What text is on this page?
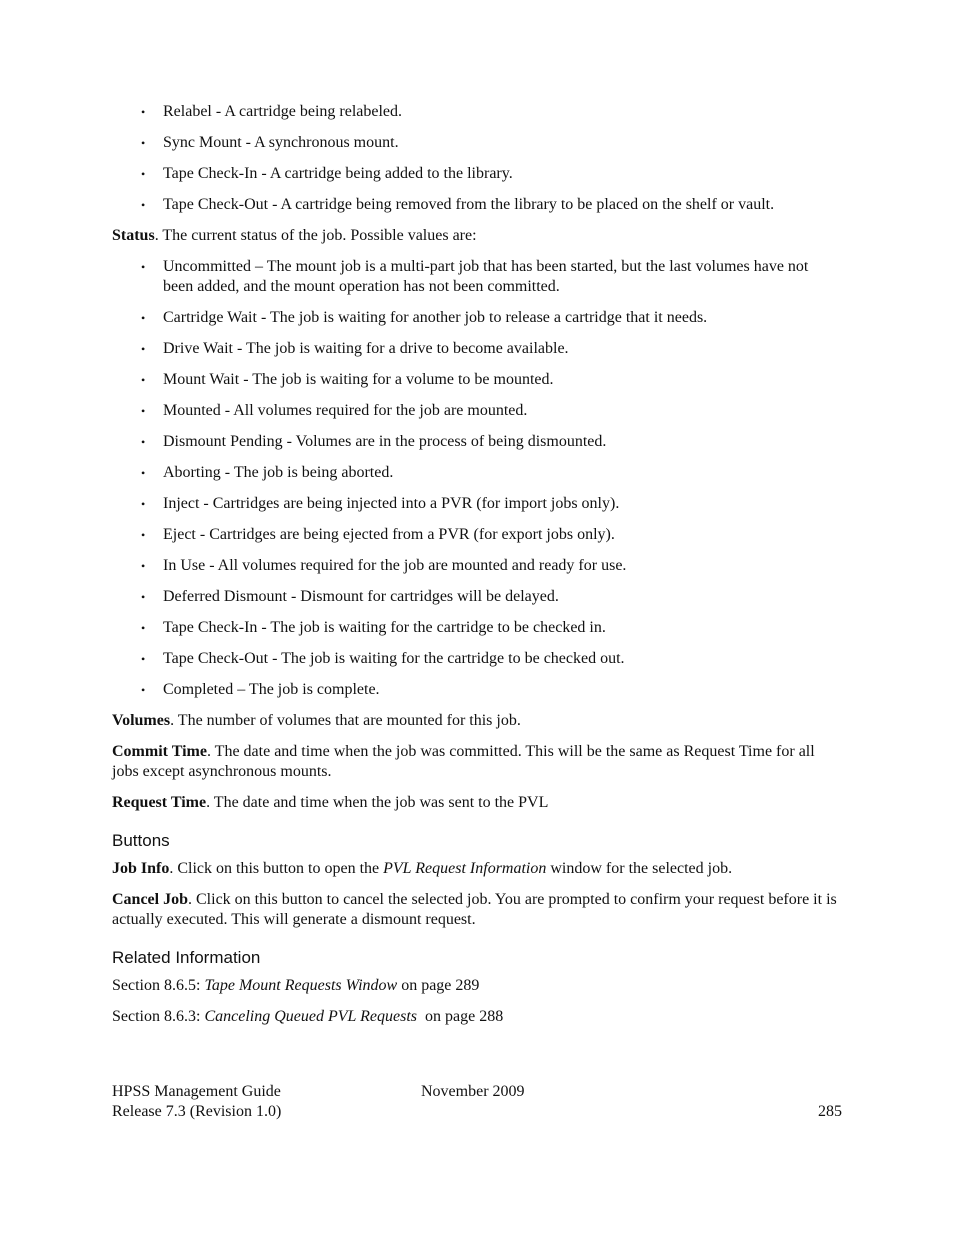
• Relabel - A cartridge being relabeled.
• Sync Mount - A synchronous mount.
• Tape Check-In - A cartridge being added to the library.
• Tape Check-Out - A cartridge being removed from the library to be placed on the shelf or vault.

Status. The current status of the job. Possible values are:

• Uncommitted – The mount job is a multi-part job that has been started, but the last volumes have not been added, and the mount operation has not been committed.
• Cartridge Wait - The job is waiting for another job to release a cartridge that it needs.
• Drive Wait - The job is waiting for a drive to become available.
• Mount Wait - The job is waiting for a volume to be mounted.
• Mounted - All volumes required for the job are mounted.
• Dismount Pending - Volumes are in the process of being dismounted.
• Aborting - The job is being aborted.
• Inject - Cartridges are being injected into a PVR (for import jobs only).
• Eject - Cartridges are being ejected from a PVR (for export jobs only).
• In Use - All volumes required for the job are mounted and ready for use.
• Deferred Dismount - Dismount for cartridges will be delayed.
• Tape Check-In - The job is waiting for the cartridge to be checked in.
• Tape Check-Out - The job is waiting for the cartridge to be checked out.
• Completed – The job is complete.

Volumes. The number of volumes that are mounted for this job.

Commit Time. The date and time when the job was committed. This will be the same as Request Time for all jobs except asynchronous mounts.

Request Time. The date and time when the job was sent to the PVL

Buttons

Job Info. Click on this button to open the PVL Request Information window for the selected job.

Cancel Job. Click on this button to cancel the selected job. You are prompted to confirm your request before it is actually executed. This will generate a dismount request.

Related Information

Section 8.6.5: Tape Mount Requests Window on page 289

Section 8.6.3: Canceling Queued PVL Requests  on page 288

HPSS Management Guide	November 2009
Release 7.3 (Revision 1.0)	285
